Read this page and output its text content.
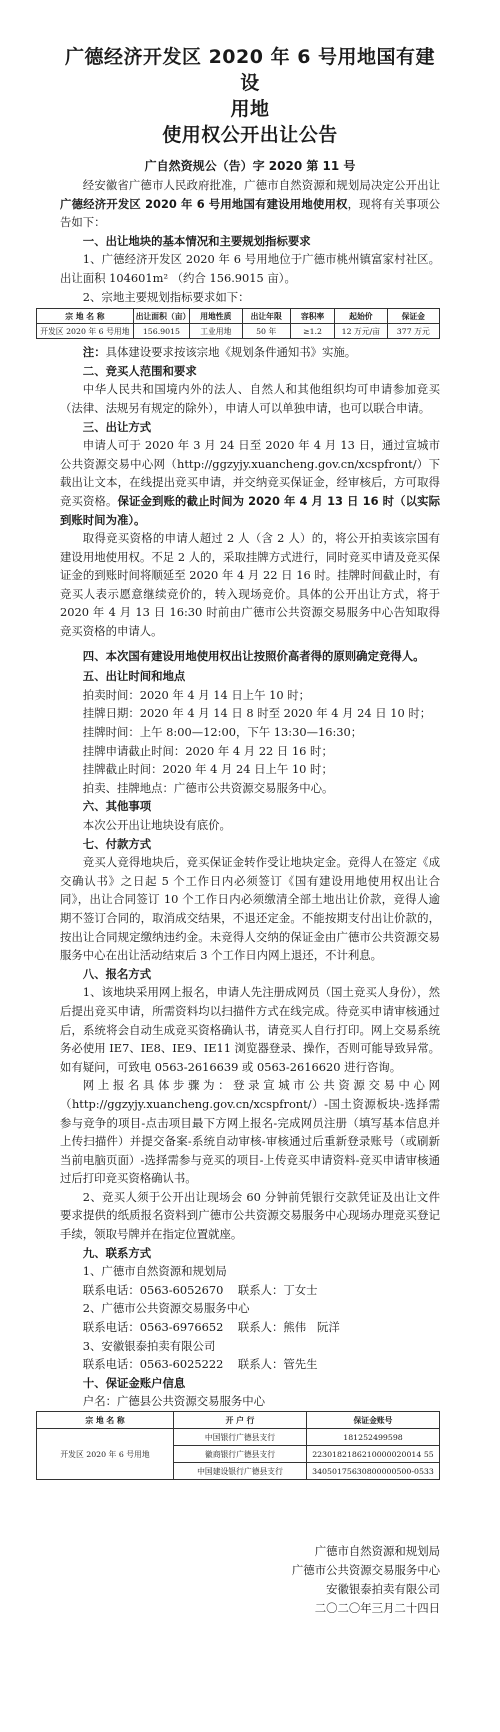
广德经济开发区 2020 年 6 号用地国有建设
用地
使用权公开出让公告
广自然资规公（告）字 2020 第 11 号

经安徽省广德市人民政府批准，广德市自然资源和规划局决定公开出让广德经济开发区 2020 年 6 号用地国有建设用地使用权，现将有关事项公告如下：

一、出让地块的基本情况和主要规划指标要求

1、广德经济开发区 2020 年 6 号用地位于广德市桃州镇富家村社区。出让面积 104601m² （约合 156.9015 亩）。

2、宗地主要规划指标要求如下：

宗 地 名 称	出让面积（亩）	用地性质	出让年限	容积率	起始价	保证金
开发区 2020 年 6 号用地	156.9015	工业用地	50 年	≥1.2	12 万元/亩	377 万元

注：具体建设要求按该宗地《规划条件通知书》实施。

二、竞买人范围和要求

中华人民共和国境内外的法人、自然人和其他组织均可申请参加竞买（法律、法规另有规定的除外），申请人可以单独申请，也可以联合申请。

三、出让方式

申请人可于 2020 年 3 月 24 日至 2020 年 4 月 13 日，通过宣城市公共资源交易中心网（http://ggzyjy.xuancheng.gov.cn/xcspfront/）下载出让文本，在线提出竞买申请，并交纳竞买保证金，经审核后，方可取得竞买资格。保证金到账的截止时间为 2020 年 4 月 13 日 16 时（以实际到账时间为准）。

取得竞买资格的申请人超过 2 人（含 2 人）的，将公开拍卖该宗国有建设用地使用权。不足 2 人的，采取挂牌方式进行，同时竞买申请及竞买保证金的到账时间将顺延至 2020 年 4 月 22 日 16 时。挂牌时间截止时，有竞买人表示愿意继续竞价的，转入现场竞价。具体的公开出让方式，将于 2020 年 4 月 13 日 16:30 时前由广德市公共资源交易服务中心告知取得竞买资格的申请人。

四、本次国有建设用地使用权出让按照价高者得的原则确定竞得人。

五、出让时间和地点

拍卖时间：2020 年 4 月 14 日上午 10 时；

挂牌日期：2020 年 4 月 14 日 8 时至 2020 年 4 月 24 日 10 时；

挂牌时间：上午 8:00—12:00，下午 13:30—16:30；

挂牌申请截止时间：2020 年 4 月 22 日 16 时；

挂牌截止时间：2020 年 4 月 24 日上午 10 时；

拍卖、挂牌地点：广德市公共资源交易服务中心。

六、其他事项

本次公开出让地块设有底价。

七、付款方式

竞买人竞得地块后，竞买保证金转作受让地块定金。竞得人在签定《成交确认书》之日起 5 个工作日内必须签订《国有建设用地使用权出让合同》，出让合同签订 10 个工作日内必须缴清全部土地出让价款，竞得人逾期不签订合同的，取消成交结果，不退还定金。不能按期支付出让价款的，按出让合同规定缴纳违约金。未竞得人交纳的保证金由广德市公共资源交易服务中心在出让活动结束后 3 个工作日内网上退还，不计利息。

八、报名方式

1、该地块采用网上报名，申请人先注册成网员（国土竞买人身份），然后提出竞买申请，所需资料均以扫描件方式在线完成。待竞买申请审核通过后，系统将会自动生成竞买资格确认书，请竞买人自行打印。网上交易系统务必使用 IE7、IE8、IE9、IE11 浏览器登录、操作，否则可能导致异常。如有疑问，可致电 0563-2616639 或 0563-2616620 进行咨询。

网上报名具体步骤为：登录宣城市公共资源交易中心网（http://ggzyjy.xuancheng.gov.cn/xcspfront/）-国土资源板块-选择需参与竞争的项目-点击项目最下方网上报名-完成网员注册（填写基本信息并上传扫描件）并提交备案-系统自动审核-审核通过后重新登录账号（或刷新当前电脑页面）-选择需参与竞买的项目-上传竞买申请资料-竞买申请审核通过后打印竞买资格确认书。

2、竞买人须于公开出让现场会 60 分钟前凭银行交款凭证及出让文件要求提供的纸质报名资料到广德市公共资源交易服务中心现场办理竞买登记手续，领取号牌并在指定位置就座。

九、联系方式

1、广德市自然资源和规划局

联系电话：0563-6052670    联系人：丁女士

2、广德市公共资源交易服务中心

联系电话：0563-6976652    联系人：熊伟   阮洋

3、安徽银泰拍卖有限公司

联系电话：0563-6025222    联系人：管先生

十、保证金账户信息

户名：广德县公共资源交易服务中心

宗 地 名 称	开 户 行	保证金账号
开发区 2020 年 6 号用地	中国银行广德县支行	181252499598
	徽商银行广德县支行	2230182186210000020014 55
	中国建设银行广德县支行	34050175630800000500-0533
广德市自然资源和规划局
广德市公共资源交易服务中心
安徽银泰拍卖有限公司
二〇二〇年三月二十四日
